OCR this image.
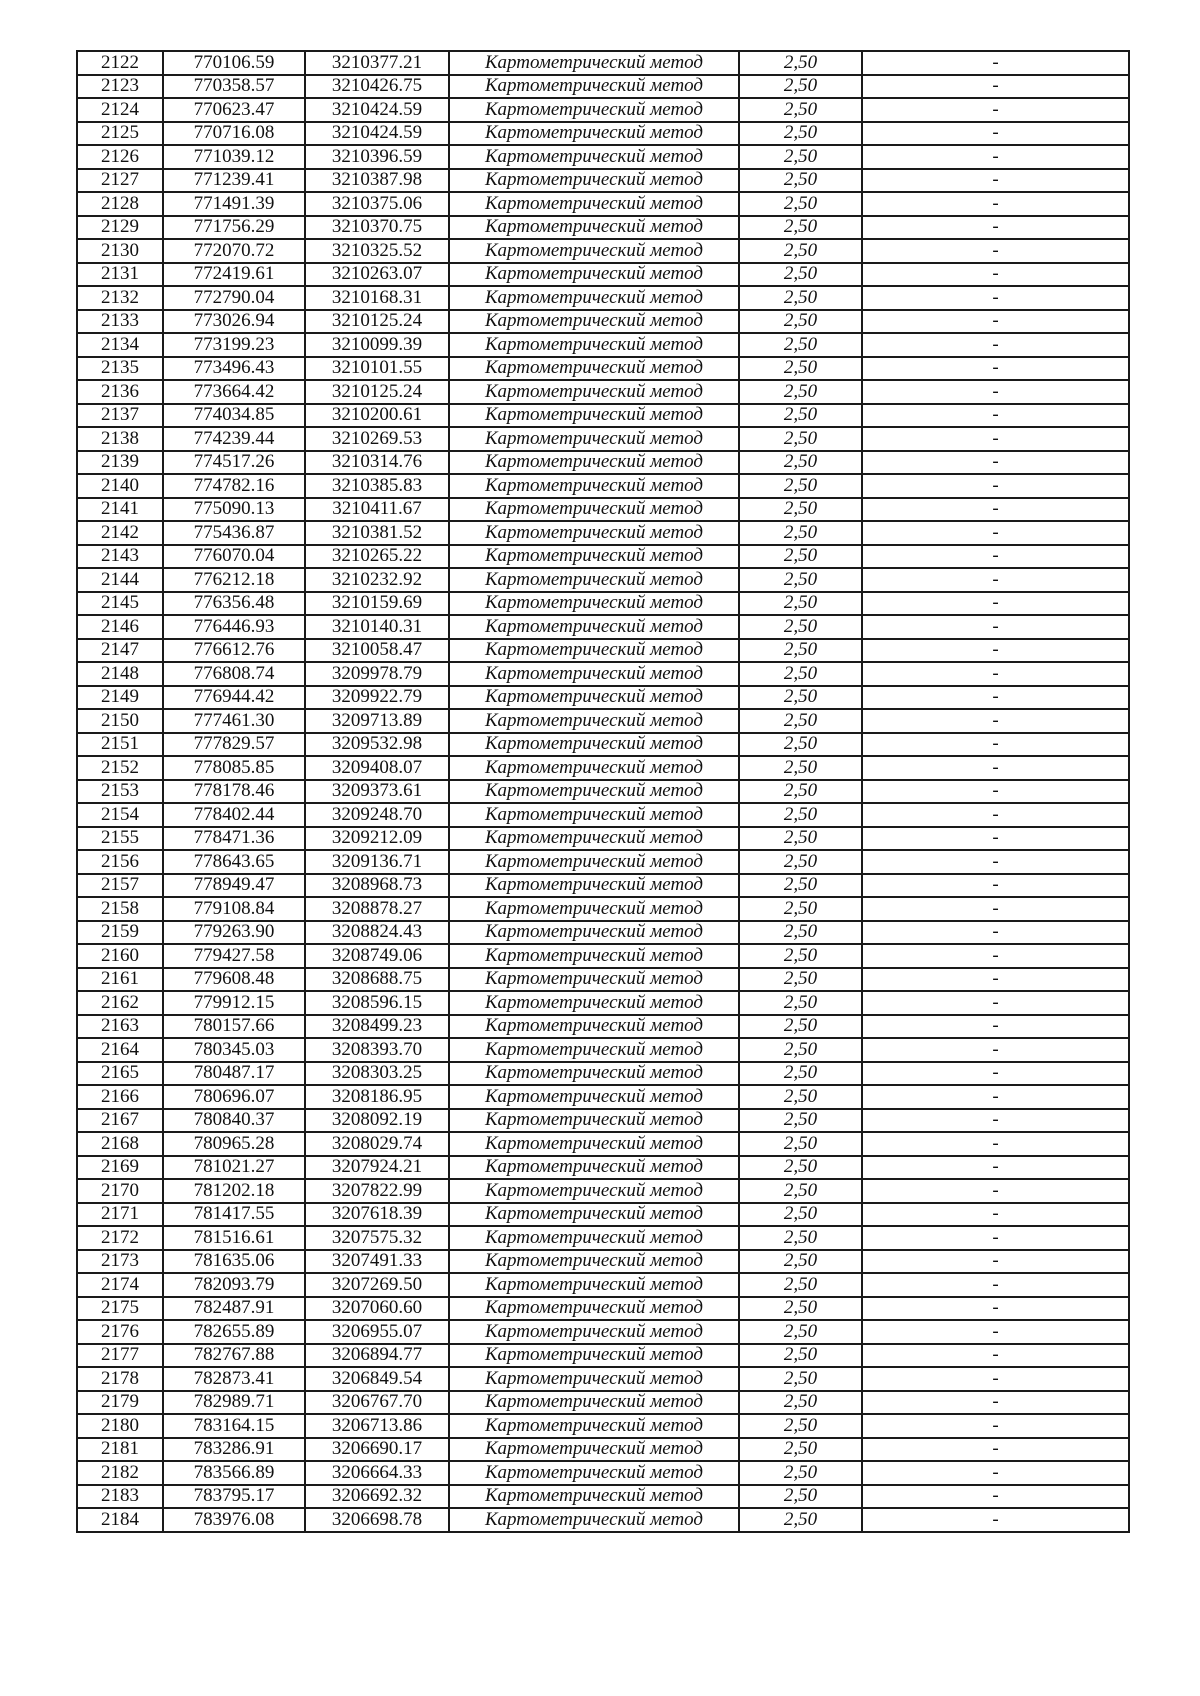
2122	770106.59	3210377.21	Картометрический метод	2,50	-
2123	770358.57	3210426.75	Картометрический метод	2,50	-
2124	770623.47	3210424.59	Картометрический метод	2,50	-
2125	770716.08	3210424.59	Картометрический метод	2,50	-
2126	771039.12	3210396.59	Картометрический метод	2,50	-
2127	771239.41	3210387.98	Картометрический метод	2,50	-
2128	771491.39	3210375.06	Картометрический метод	2,50	-
2129	771756.29	3210370.75	Картометрический метод	2,50	-
2130	772070.72	3210325.52	Картометрический метод	2,50	-
2131	772419.61	3210263.07	Картометрический метод	2,50	-
2132	772790.04	3210168.31	Картометрический метод	2,50	-
2133	773026.94	3210125.24	Картометрический метод	2,50	-
2134	773199.23	3210099.39	Картометрический метод	2,50	-
2135	773496.43	3210101.55	Картометрический метод	2,50	-
2136	773664.42	3210125.24	Картометрический метод	2,50	-
2137	774034.85	3210200.61	Картометрический метод	2,50	-
2138	774239.44	3210269.53	Картометрический метод	2,50	-
2139	774517.26	3210314.76	Картометрический метод	2,50	-
2140	774782.16	3210385.83	Картометрический метод	2,50	-
2141	775090.13	3210411.67	Картометрический метод	2,50	-
2142	775436.87	3210381.52	Картометрический метод	2,50	-
2143	776070.04	3210265.22	Картометрический метод	2,50	-
2144	776212.18	3210232.92	Картометрический метод	2,50	-
2145	776356.48	3210159.69	Картометрический метод	2,50	-
2146	776446.93	3210140.31	Картометрический метод	2,50	-
2147	776612.76	3210058.47	Картометрический метод	2,50	-
2148	776808.74	3209978.79	Картометрический метод	2,50	-
2149	776944.42	3209922.79	Картометрический метод	2,50	-
2150	777461.30	3209713.89	Картометрический метод	2,50	-
2151	777829.57	3209532.98	Картометрический метод	2,50	-
2152	778085.85	3209408.07	Картометрический метод	2,50	-
2153	778178.46	3209373.61	Картометрический метод	2,50	-
2154	778402.44	3209248.70	Картометрический метод	2,50	-
2155	778471.36	3209212.09	Картометрический метод	2,50	-
2156	778643.65	3209136.71	Картометрический метод	2,50	-
2157	778949.47	3208968.73	Картометрический метод	2,50	-
2158	779108.84	3208878.27	Картометрический метод	2,50	-
2159	779263.90	3208824.43	Картометрический метод	2,50	-
2160	779427.58	3208749.06	Картометрический метод	2,50	-
2161	779608.48	3208688.75	Картометрический метод	2,50	-
2162	779912.15	3208596.15	Картометрический метод	2,50	-
2163	780157.66	3208499.23	Картометрический метод	2,50	-
2164	780345.03	3208393.70	Картометрический метод	2,50	-
2165	780487.17	3208303.25	Картометрический метод	2,50	-
2166	780696.07	3208186.95	Картометрический метод	2,50	-
2167	780840.37	3208092.19	Картометрический метод	2,50	-
2168	780965.28	3208029.74	Картометрический метод	2,50	-
2169	781021.27	3207924.21	Картометрический метод	2,50	-
2170	781202.18	3207822.99	Картометрический метод	2,50	-
2171	781417.55	3207618.39	Картометрический метод	2,50	-
2172	781516.61	3207575.32	Картометрический метод	2,50	-
2173	781635.06	3207491.33	Картометрический метод	2,50	-
2174	782093.79	3207269.50	Картометрический метод	2,50	-
2175	782487.91	3207060.60	Картометрический метод	2,50	-
2176	782655.89	3206955.07	Картометрический метод	2,50	-
2177	782767.88	3206894.77	Картометрический метод	2,50	-
2178	782873.41	3206849.54	Картометрический метод	2,50	-
2179	782989.71	3206767.70	Картометрический метод	2,50	-
2180	783164.15	3206713.86	Картометрический метод	2,50	-
2181	783286.91	3206690.17	Картометрический метод	2,50	-
2182	783566.89	3206664.33	Картометрический метод	2,50	-
2183	783795.17	3206692.32	Картометрический метод	2,50	-
2184	783976.08	3206698.78	Картометрический метод	2,50	-
